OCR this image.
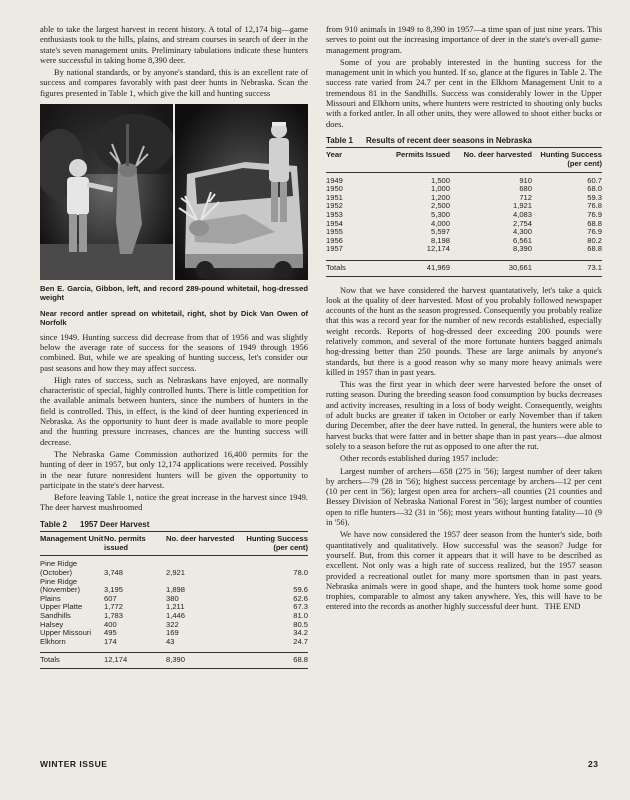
able to take the largest harvest in recent history. A total of 12,174 big—game enthusiasts took to the hills, plains, and stream courses in search of deer in the state's seven management units. Preliminary tabulations indicate these hunters were successful in taking home 8,390 deer.

By national standards, or by anyone's standard, this is an excellent rate of success and compares favorably with past deer hunts in Nebraska. Scan the figures presented in Table 1, which give the kill and hunting success

Ben E. Garcia, Gibbon, left, and record 289-pound whitetail, hog-dressed weight

Near record antler spread on whitetail, right, shot by Dick Van Owen of Norfolk

since 1949. Hunting success did decrease from that of 1956 and was slightly below the average rate of success for the seasons of 1949 through 1956 combined. But, while we are speaking of hunting success, let's consider our past seasons and how they may affect success.

High rates of success, such as Nebraskans have enjoyed, are normally characteristic of special, highly controlled hunts. There is little competition for the available animals between hunters, since the numbers of hunters in the field is controlled. This, in effect, is the kind of deer hunting experienced in Nebraska. As the opportunity to hunt deer is made available to more people and the hunting pressure increases, chances are the hunting success will decrease.

The Nebraska Game Commission authorized 16,400 permits for the hunting of deer in 1957, but only 12,174 applications were received. Possibly in the near future nonresident hunters will be given the opportunity to participate in the state's deer harvest.

Before leaving Table 1, notice the great increase in the harvest since 1949. The deer harvest mushroomed

Table 2 1957 Deer Harvest
Management Unit	No. permits issued	No. deer harvested	Hunting Success (per cent)
Pine Ridge			
(October)	3,748	2,921	78.0
Pine Ridge			
(November)	3,195	1,898	59.6
Plains	607	380	62.6
Upper Platte	1,772	1,211	67.3
Sandhills	1,783	1,446	81.0
Halsey	400	322	80.5
Upper Missouri	495	169	34.2
Elkhorn	174	43	24.7

Totals	12,174	8,390	68.8

from 910 animals in 1949 to 8,390 in 1957—a time span of just nine years. This serves to point out the increasing importance of deer in the state's over-all game-management program.

Some of you are probably interested in the hunting success for the management unit in which you hunted. If so, glance at the figures in Table 2. The success rate varied from 24.7 per cent in the Elkhorn Management Unit to a tremendous 81 in the Sandhills. Success was considerably lower in the Upper Missouri and Elkhorn units, where hunters were restricted to shooting only bucks with a forked antler. In all other units, they were allowed to shoot either bucks or does.

Table 1 Results of recent deer seasons in Nebraska
Year	Permits Issued	No. deer harvested	Hunting Success (per cent)
1949	1,500	910	60.7
1950	1,000	680	68.0
1951	1,200	712	59.3
1952	2,500	1,921	76.8
1953	5,300	4,083	76.9
1954	4,000	2,754	68.8
1955	5,597	4,300	76.9
1956	8,198	6,561	80.2
1957	12,174	8,390	68.8

Totals	41,969	30,661	73.1

Now that we have considered the harvest quantatatively, let's take a quick look at the quality of deer harvested. Most of you probably followed newspaper accounts of the hunt as the season progressed. Consequently you probably realize that this was a record year for the number of new records established, especially weight records. Reports of hog-dressed deer exceeding 200 pounds were relatively common, and several of the more fortunate hunters bagged animals hog-dressing better than 250 pounds. These are large animals by anyone's standards, but there is a good reason why so many more heavy animals were killed in 1957 than in past years.

This was the first year in which deer were harvested before the onset of rutting season. During the breeding season food consumption by bucks decreases and activity increases, resulting in a loss of body weight. Consequently, weights of adult bucks are greater if taken in October or early November than if taken during December, after the deer have rutted. In general, the hunters were able to harvest bucks that were fatter and in better shape than in past years—due almost solely to a season before the rut as opposed to one after the rut.

Other records established during 1957 include:

Largest number of archers—658 (275 in '56); largest number of deer taken by archers—79 (28 in '56); highest success percentage by archers—12 per cent (10 per cent in '56); largest open area for archers--all counties (21 counties and Bessey Division of Nebraska National Forest in '56); largest number of counties open to rifle hunters—32 (31 in '56); most years without hunting fatality—10 (9 in '56).

We have now considered the 1957 deer season from the hunter's side, both quantitatively and qualitatively. How successful was the season? Judge for yourself. But, from this corner it appears that it will have to be described as excellent. Not only was a high rate of success realized, but the 1957 season provided a recreational outlet for many more sportsmen than in past years. Nebraska animals were in good shape, and the hunters took home some good trophies, comparable to almost any taken anywhere. Yes, this will have to be entered into the records as another highly successful deer hunt. THE END

WINTER ISSUE	23
